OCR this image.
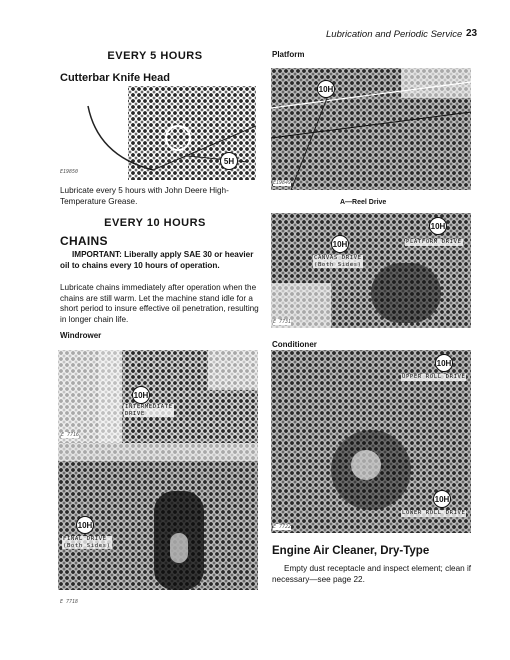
Lubrication and Periodic Service 23
EVERY 5 HOURS
Cutterbar Knife Head
5H
E19850
Lubricate every 5 hours with John Deere High-Temperature Grease.
EVERY 10 HOURS
CHAINS
IMPORTANT: Liberally apply SAE 30 or heavier oil to chains every 10 hours of operation.
Lubricate chains immediately after operation when the chains are still warm. Let the machine stand idle for a short period to insure effective oil penetration, resulting in longer chain life.
Windrower
10H
INTERMEDIATE
DRIVE
E 7716
10H
FINAL DRIVE
(Both Sides)
E 7718
Platform
10H
E19849
A—Reel Drive
10H
PLATFORM DRIVE
10H
CANVAS DRIVE
(Both Sides)
E 7731
Conditioner
10H
UPPER ROLL DRIVE
10H
LOWER ROLL DRIVE
E 7722
Engine Air Cleaner, Dry-Type
Empty dust receptacle and inspect element; clean if necessary—see page 22.
